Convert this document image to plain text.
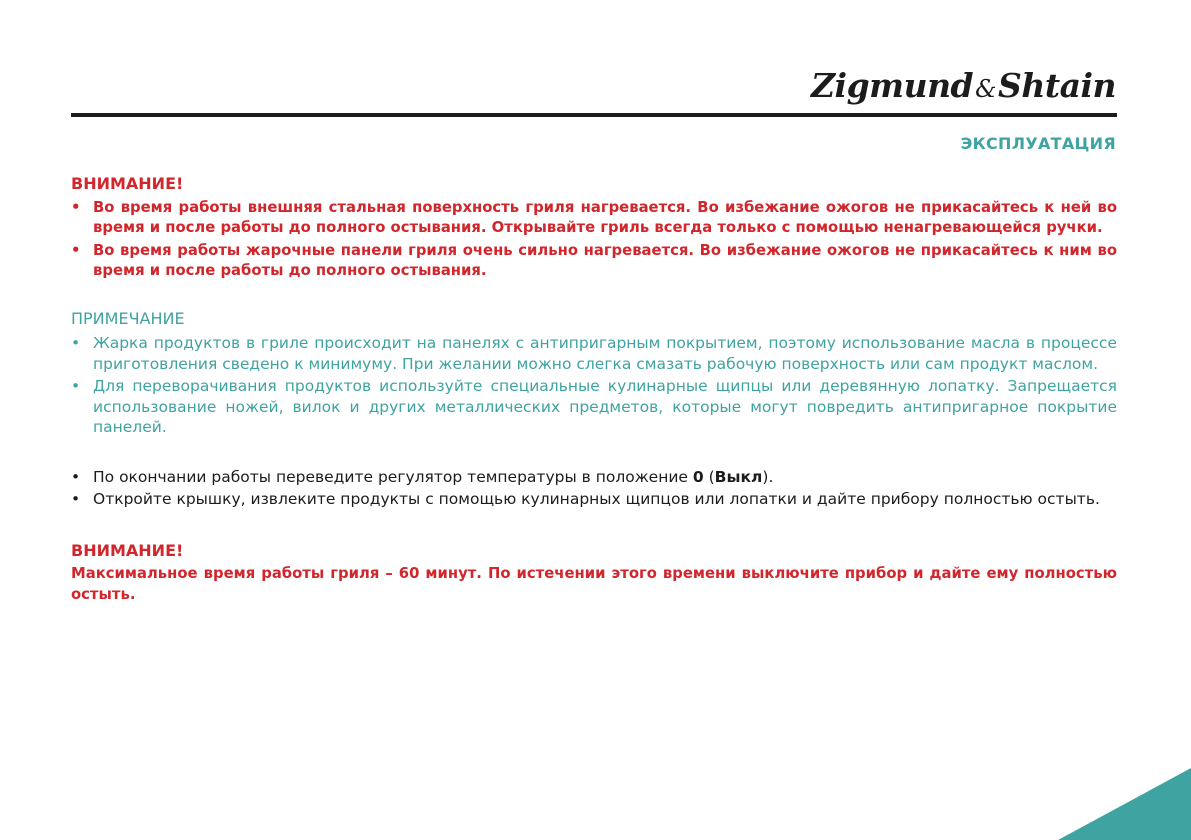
Zigmund&Shtain
ЭКСПЛУАТАЦИЯ
ВНИМАНИЕ!
• Во время работы внешняя стальная поверхность гриля нагревается. Во избежание ожогов не прикасайтесь к ней во время и после работы до полного остывания. Открывайте гриль всегда только с помощью ненагревающейся ручки.
• Во время работы жарочные панели гриля очень сильно нагревается. Во избежание ожогов не прикасайтесь к ним во время и после работы до полного остывания.
ПРИМЕЧАНИЕ
• Жарка продуктов в гриле происходит на панелях с антипригарным покрытием, поэтому использование масла в процессе приготовления сведено к минимуму. При желании можно слегка смазать рабочую поверхность или сам продукт маслом.
• Для переворачивания продуктов используйте специальные кулинарные щипцы или деревянную лопатку. Запрещается использование ножей, вилок и других металлических предметов, которые могут повредить антипригарное покрытие панелей.
• По окончании работы переведите регулятор температуры в положение 0 (Выкл).
• Откройте крышку, извлеките продукты с помощью кулинарных щипцов или лопатки и дайте прибору полностью остыть.
ВНИМАНИЕ!

Максимальное время работы гриля – 60 минут. По истечении этого времени выключите прибор и дайте ему полностью остыть.
